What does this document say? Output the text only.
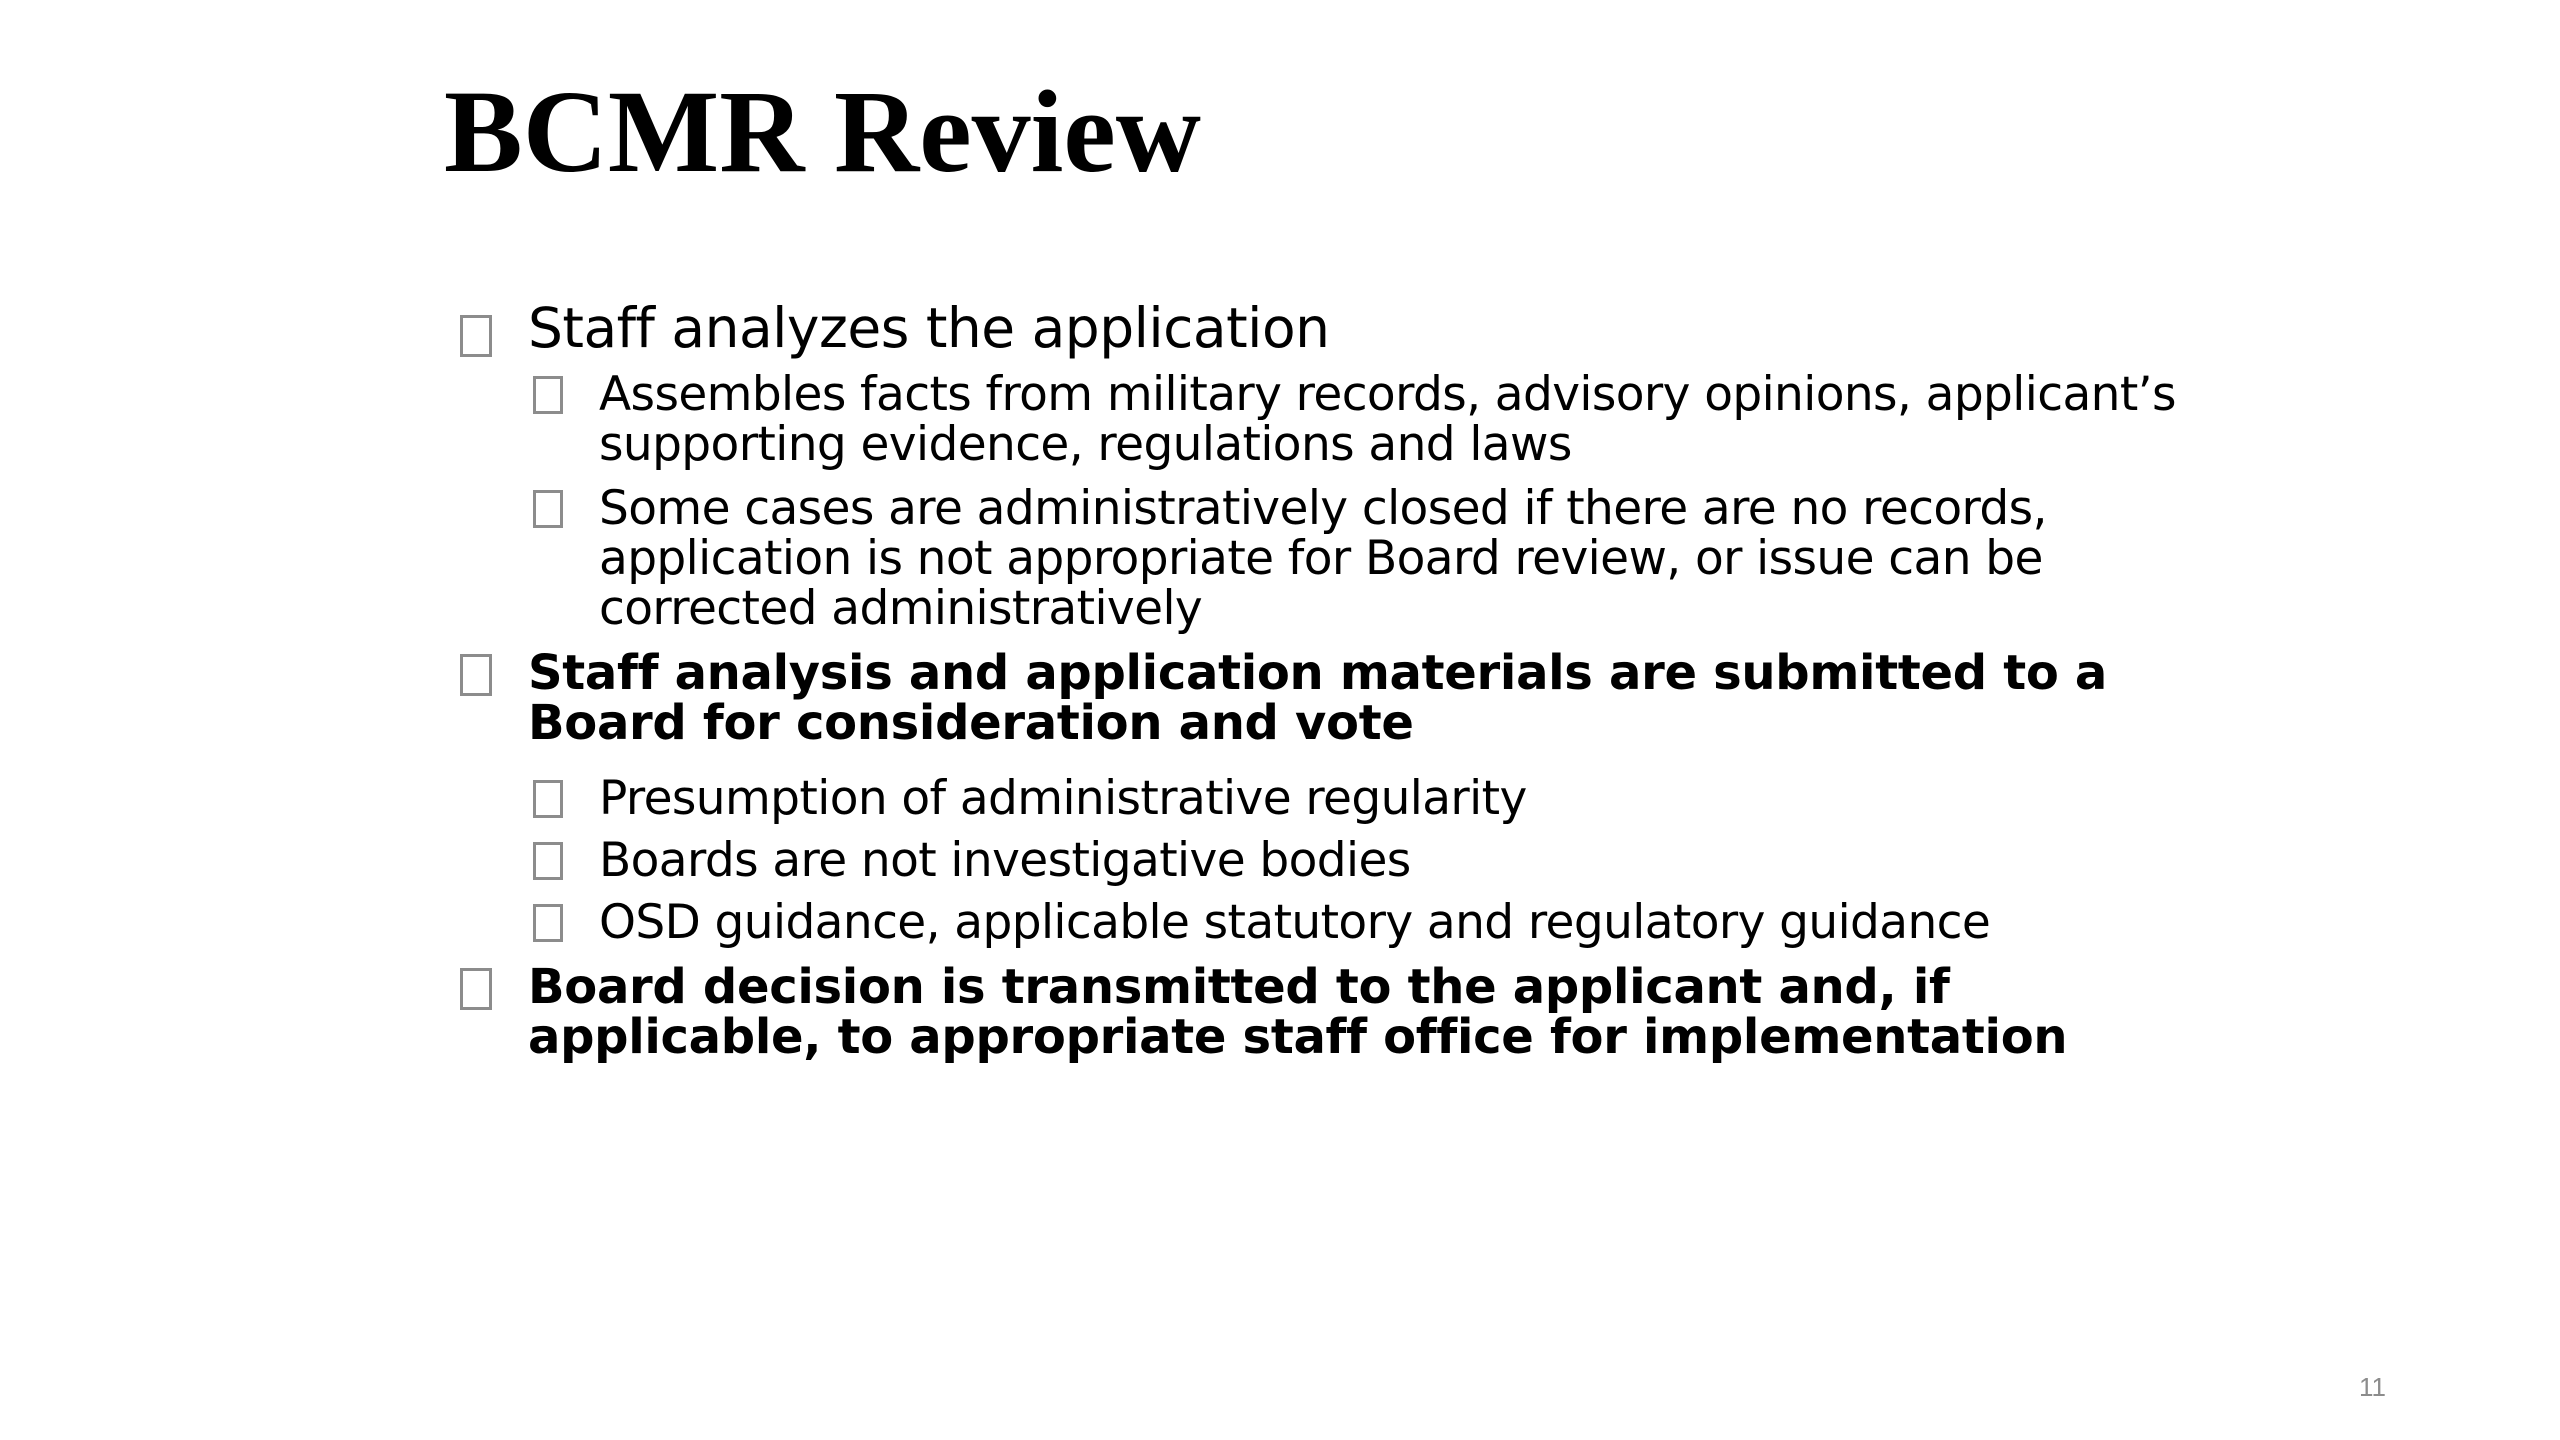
BCMR Review
Staff analyzes the application
Assembles facts from military records, advisory opinions, applicant’s supporting evidence, regulations and laws
Some cases are administratively closed if there are no records, application is not appropriate for Board review, or issue can be corrected administratively
Staff analysis and application materials are submitted to a Board for consideration and vote
Presumption of administrative regularity
Boards are not investigative bodies
OSD guidance, applicable statutory and regulatory guidance
Board decision is transmitted to the applicant and, if applicable, to appropriate staff office for implementation
11
